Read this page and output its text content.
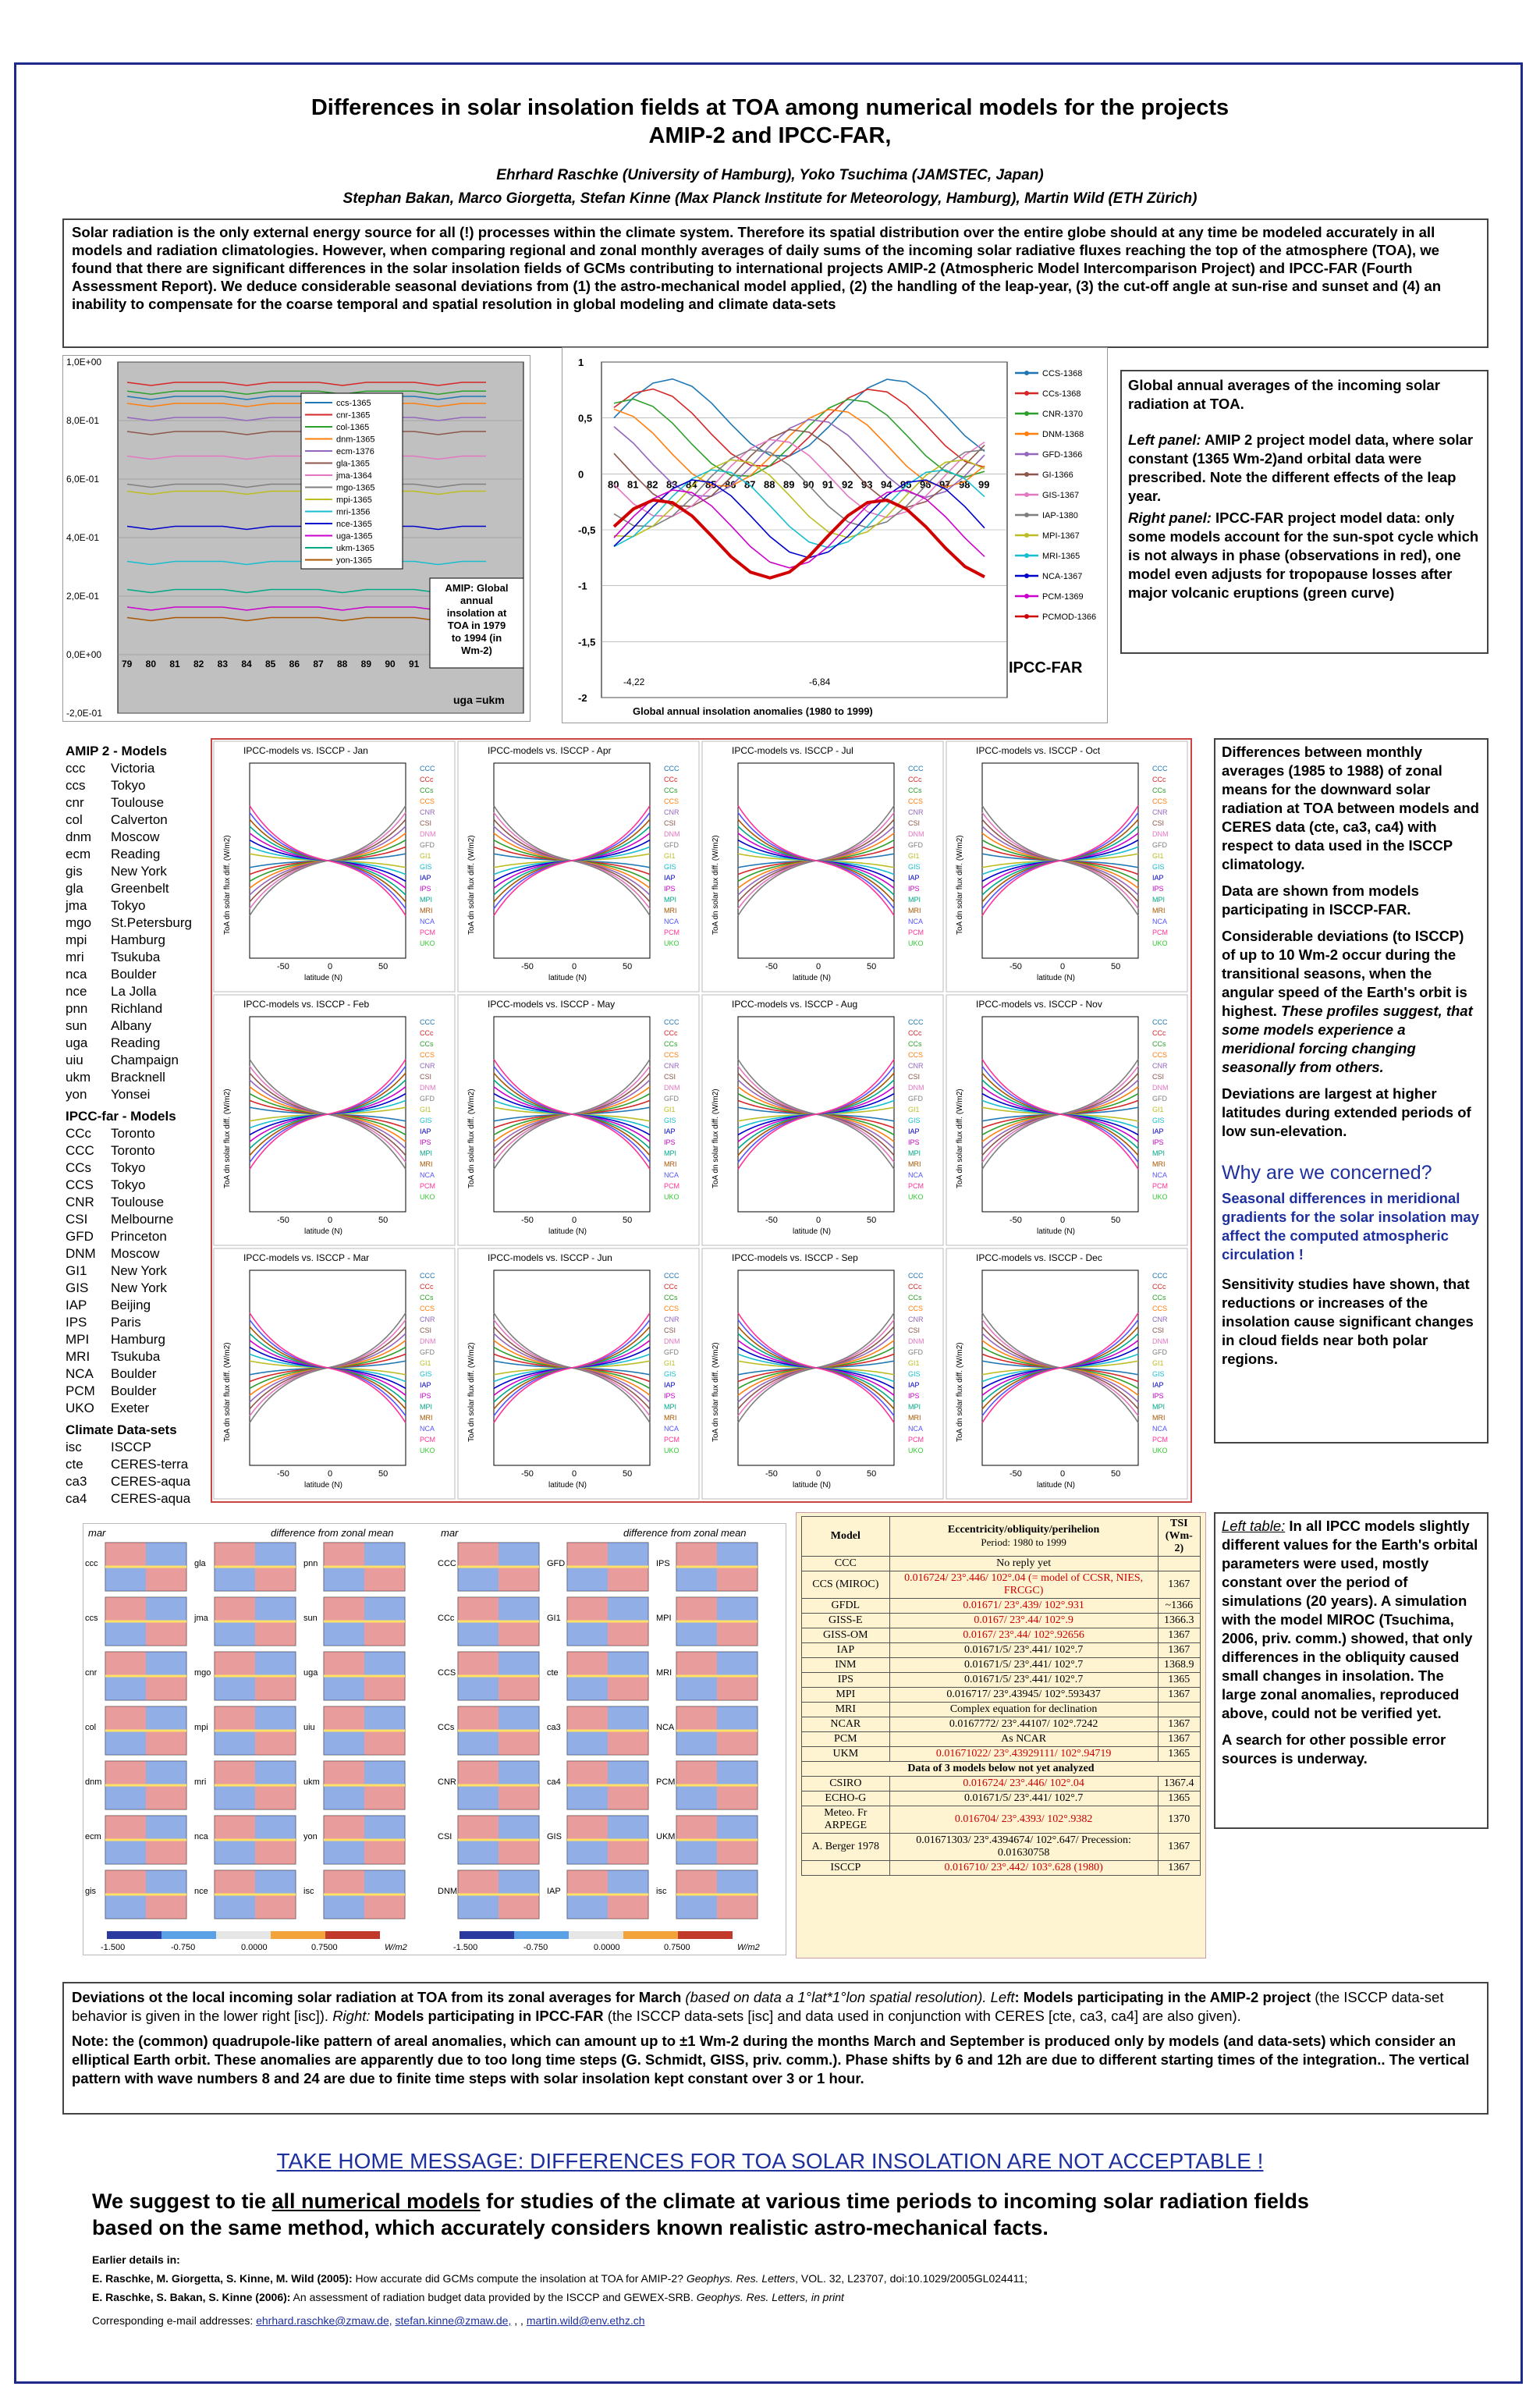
Differences in solar insolation fields at TOA among numerical models for the projects
AMIP-2 and IPCC-FAR,
Ehrhard Raschke (University of Hamburg), Yoko Tsuchima (JAMSTEC, Japan)
Stephan Bakan, Marco Giorgetta, Stefan Kinne (Max Planck Institute for Meteorology, Hamburg), Martin Wild (ETH Zürich)
Solar radiation is the only external energy source for all (!) processes within the climate system. Therefore its spatial distribution over the entire globe should at any time be modeled accurately in all models and radiation climatologies. However, when comparing regional and zonal monthly averages of daily sums of the incoming solar radiative fluxes reaching the top of the atmosphere (TOA), we found that there are significant differences in the solar insolation fields of GCMs contributing to international projects AMIP-2 (Atmospheric Model Intercomparison Project) and IPCC-FAR (Fourth Assessment Report). We deduce considerable seasonal deviations from (1) the astro-mechanical model applied, (2) the handling of the leap-year, (3) the cut-off angle at sun-rise and sunset and (4) an inability to compensate for the coarse temporal and spatial resolution in global modeling and climate data-sets
1,0E+00
8,0E-01
6,0E-01
4,0E-01
2,0E-01
0,0E+00
-2,0E-01
79 80 81 82 83 84 85 86 87 88 89 90 91
ccs-1365
cnr-1365
col-1365
dnm-1365
ecm-1376
gla-1365
jma-1364
mgo-1365
mpi-1365
mri-1356
nce-1365
uga-1365
ukm-1365
yon-1365
AMIP: Global
annual
insolation at
TOA in 1979
to 1994 (in
Wm-2)
uga =ukm
1
0,5
0
-0,5
-1
-1,5
-2
80 81 82 83 84 85 86 87 88 89 90 91 92 93 94 95 96 97 98 99
-4,22	-6,84
Global annual insolation anomalies (1980 to 1999)
CCS-1368
CCs-1368
CNR-1370
DNM-1368
GFD-1366
GI-1366
GIS-1367
IAP-1380
MPI-1367
MRI-1365
NCA-1367
PCM-1369
PCMOD-1366
IPCC-FAR
Global annual averages of the incoming solar radiation at TOA.
Left panel: AMIP 2 project model data, where solar constant (1365 Wm-2)and orbital data were prescribed. Note the different effects of the leap year.
Right panel: IPCC-FAR project model data: only some models account for the sun-spot cycle which is not always in phase (observations in red), one model even adjusts for tropopause losses after major volcanic eruptions (green curve)
AMIP 2 - Models
ccc	Victoria
ccs	Tokyo
cnr	Toulouse
col	Calverton
dnm	Moscow
ecm	Reading
gis	New York
gla	Greenbelt
jma	Tokyo
mgo	St.Petersburg
mpi	Hamburg
mri	Tsukuba
nca	Boulder
nce	La Jolla
pnn	Richland
sun	Albany
uga	Reading
uiu	Champaign
ukm	Bracknell
yon	Yonsei
IPCC-far - Models
CCc	Toronto
CCC	Toronto
CCs	Tokyo
CCS	Tokyo
CNR	Toulouse
CSI	Melbourne
GFD	Princeton
DNM	Moscow
GI1	New York
GIS	New York
IAP	Beijing
IPS	Paris
MPI	Hamburg
MRI	Tsukuba
NCA	Boulder
PCM	Boulder
UKO	Exeter
Climate Data-sets
isc	ISCCP
cte	CERES-terra
ca3	CERES-aqua
ca4	CERES-aqua
IPCC-models vs. ISCCP - Jan
ToA dn solar flux diff. (W/m2)
-50	0	50
latitude (N)
CCC
CCc
CCs
CCS
CNR
CSI
DNM
GFD
GI1
GIS
IAP
IPS
MPI
MRI
NCA
PCM
UKO
IPCC-models vs. ISCCP - Apr
ToA dn solar flux diff. (W/m2)
-50	0	50
latitude (N)
CCC
CCc
CCs
CCS
CNR
CSI
DNM
GFD
GI1
GIS
IAP
IPS
MPI
MRI
NCA
PCM
UKO
IPCC-models vs. ISCCP - Jul
ToA dn solar flux diff. (W/m2)
-50	0	50
latitude (N)
CCC
CCc
CCs
CCS
CNR
CSI
DNM
GFD
GI1
GIS
IAP
IPS
MPI
MRI
NCA
PCM
UKO
IPCC-models vs. ISCCP - Oct
ToA dn solar flux diff. (W/m2)
-50	0	50
latitude (N)
CCC
CCc
CCs
CCS
CNR
CSI
DNM
GFD
GI1
GIS
IAP
IPS
MPI
MRI
NCA
PCM
UKO
IPCC-models vs. ISCCP - Feb
ToA dn solar flux diff. (W/m2)
-50	0	50
latitude (N)
CCC
CCc
CCs
CCS
CNR
CSI
DNM
GFD
GI1
GIS
IAP
IPS
MPI
MRI
NCA
PCM
UKO
IPCC-models vs. ISCCP - May
ToA dn solar flux diff. (W/m2)
-50	0	50
latitude (N)
CCC
CCc
CCs
CCS
CNR
CSI
DNM
GFD
GI1
GIS
IAP
IPS
MPI
MRI
NCA
PCM
UKO
IPCC-models vs. ISCCP - Aug
ToA dn solar flux diff. (W/m2)
-50	0	50
latitude (N)
CCC
CCc
CCs
CCS
CNR
CSI
DNM
GFD
GI1
GIS
IAP
IPS
MPI
MRI
NCA
PCM
UKO
IPCC-models vs. ISCCP - Nov
ToA dn solar flux diff. (W/m2)
-50	0	50
latitude (N)
CCC
CCc
CCs
CCS
CNR
CSI
DNM
GFD
GI1
GIS
IAP
IPS
MPI
MRI
NCA
PCM
UKO
IPCC-models vs. ISCCP - Mar
ToA dn solar flux diff. (W/m2)
-50	0	50
latitude (N)
CCC
CCc
CCs
CCS
CNR
CSI
DNM
GFD
GI1
GIS
IAP
IPS
MPI
MRI
NCA
PCM
UKO
IPCC-models vs. ISCCP - Jun
ToA dn solar flux diff. (W/m2)
-50	0	50
latitude (N)
CCC
CCc
CCs
CCS
CNR
CSI
DNM
GFD
GI1
GIS
IAP
IPS
MPI
MRI
NCA
PCM
UKO
IPCC-models vs. ISCCP - Sep
ToA dn solar flux diff. (W/m2)
-50	0	50
latitude (N)
CCC
CCc
CCs
CCS
CNR
CSI
DNM
GFD
GI1
GIS
IAP
IPS
MPI
MRI
NCA
PCM
UKO
IPCC-models vs. ISCCP - Dec
ToA dn solar flux diff. (W/m2)
-50	0	50
latitude (N)
CCC
CCc
CCs
CCS
CNR
CSI
DNM
GFD
GI1
GIS
IAP
IPS
MPI
MRI
NCA
PCM
UKO
Differences between monthly averages (1985 to 1988) of zonal means for the downward solar radiation at TOA between models and CERES data (cte, ca3, ca4) with respect to data used in the ISCCP climatology.
Data are shown from models participating in ISCCP-FAR.
Considerable deviations (to ISCCP) of up to 10 Wm-2 occur during the transitional seasons, when the angular speed of the Earth's orbit is highest. These profiles suggest, that some models experience a meridional forcing changing seasonally from others.
Deviations are largest at higher latitudes during extended periods of low sun-elevation.
Why are we concerned?
Seasonal differences in meridional gradients for the solar insolation may affect the computed atmospheric circulation !
Sensitivity studies have shown, that reductions or increases of the insolation cause significant changes in cloud fields near both polar regions.
mar	difference from zonal mean
ccc	gla	pnn
ccs	jma	sun
cnr	mgo	uga
col	mpi	uiu
dnm	mri	ukm
ecm	nca	yon
gis	nce	isc
-1.500	-0.750	0.0000	0.7500	W/m2
mar	difference from zonal mean
CCC	GFD	IPS
CCc	GI1	MPI
CCS	cte	MRI
CCs	ca3	NCA
CNR	ca4	PCM
CSI	GIS	UKM
DNM	IAP	isc
-1.500	-0.750	0.0000	0.7500	W/m2
Model	Eccentricity/obliquity/perihelion
Period: 1980 to 1999	TSI
(Wm-2)
CCC	No reply yet	
CCS (MIROC)	0.016724/ 23°.446/ 102°.04 (= model of CCSR, NIES, FRCGC)	1367
GFDL	0.01671/ 23°.439/ 102°.931	~1366
GISS-E	0.0167/ 23°.44/ 102°.9	1366.3
GISS-OM	0.0167/ 23°.44/ 102°.92656	1367
IAP	0.01671/5/ 23°.441/ 102°.7	1367
INM	0.01671/5/ 23°.441/ 102°.7	1368.9
IPS	0.01671/5/ 23°.441/ 102°.7	1365
MPI	0.016717/ 23°.43945/ 102°.593437	1367
MRI	Complex equation for declination	
NCAR	0.0167772/ 23°.44107/ 102°.7242	1367
PCM	As NCAR	1367
UKM	0.01671022/ 23°.43929111/ 102°.94719	1365
Data of 3 models below not yet analyzed		
CSIRO	0.016724/ 23°.446/ 102°.04	1367.4
ECHO-G	0.01671/5/ 23°.441/ 102°.7	1365
Meteo. Fr ARPEGE	0.016704/ 23°.4393/ 102°.9382	1370
A. Berger 1978	0.01671303/ 23°.4394674/ 102°.647/ Precession: 0.01630758	1367
ISCCP	0.016710/ 23°.442/ 103°.628 (1980)	1367
Left table: In all IPCC models slightly different values for the Earth's orbital parameters were used, mostly constant over the period of simulations (20 years). A simulation with the model MIROC (Tsuchima, 2006, priv. comm.) showed, that only differences in the obliquity caused small changes in insolation. The large zonal anomalies, reproduced above, could not be verified yet.
A search for other possible error sources is underway.
Deviations ot the local incoming solar radiation at TOA from its zonal averages for March (based on data a 1°lat*1°lon spatial resolution). Left: Models participating in the AMIP-2 project (the ISCCP data-set behavior is given in the lower right [isc]). Right: Models participating in IPCC-FAR (the ISCCP data-sets [isc] and data used in conjunction with CERES [cte, ca3, ca4] are also given).
Note: the (common) quadrupole-like pattern of areal anomalies, which can amount up to ±1 Wm-2 during the months March and September is produced only by models (and data-sets) which consider an elliptical Earth orbit. These anomalies are apparently due to too long time steps (G. Schmidt, GISS, priv. comm.). Phase shifts by 6 and 12h are due to different starting times of the integration.. The vertical pattern with wave numbers 8 and 24 are due to finite time steps with solar insolation kept constant over 3 or 1 hour.
TAKE HOME MESSAGE: DIFFERENCES FOR TOA SOLAR INSOLATION ARE NOT ACCEPTABLE !
We suggest to tie all numerical models for studies of the climate at various time periods to incoming solar radiation fields
based on the same method, which accurately considers known realistic astro-mechanical facts.
Earlier details in:
E. Raschke, M. Giorgetta, S. Kinne, M. Wild (2005): How accurate did GCMs compute the insolation at TOA for AMIP-2? Geophys. Res. Letters, VOL. 32, L23707, doi:10.1029/2005GL024411;
E. Raschke, S. Bakan, S. Kinne (2006): An assessment of radiation budget data provided by the ISCCP and GEWEX-SRB. Geophys. Res. Letters, in print
Corresponding e-mail addresses: ehrhard.raschke@zmaw.de, stefan.kinne@zmaw.de, , , martin.wild@env.ethz.ch
